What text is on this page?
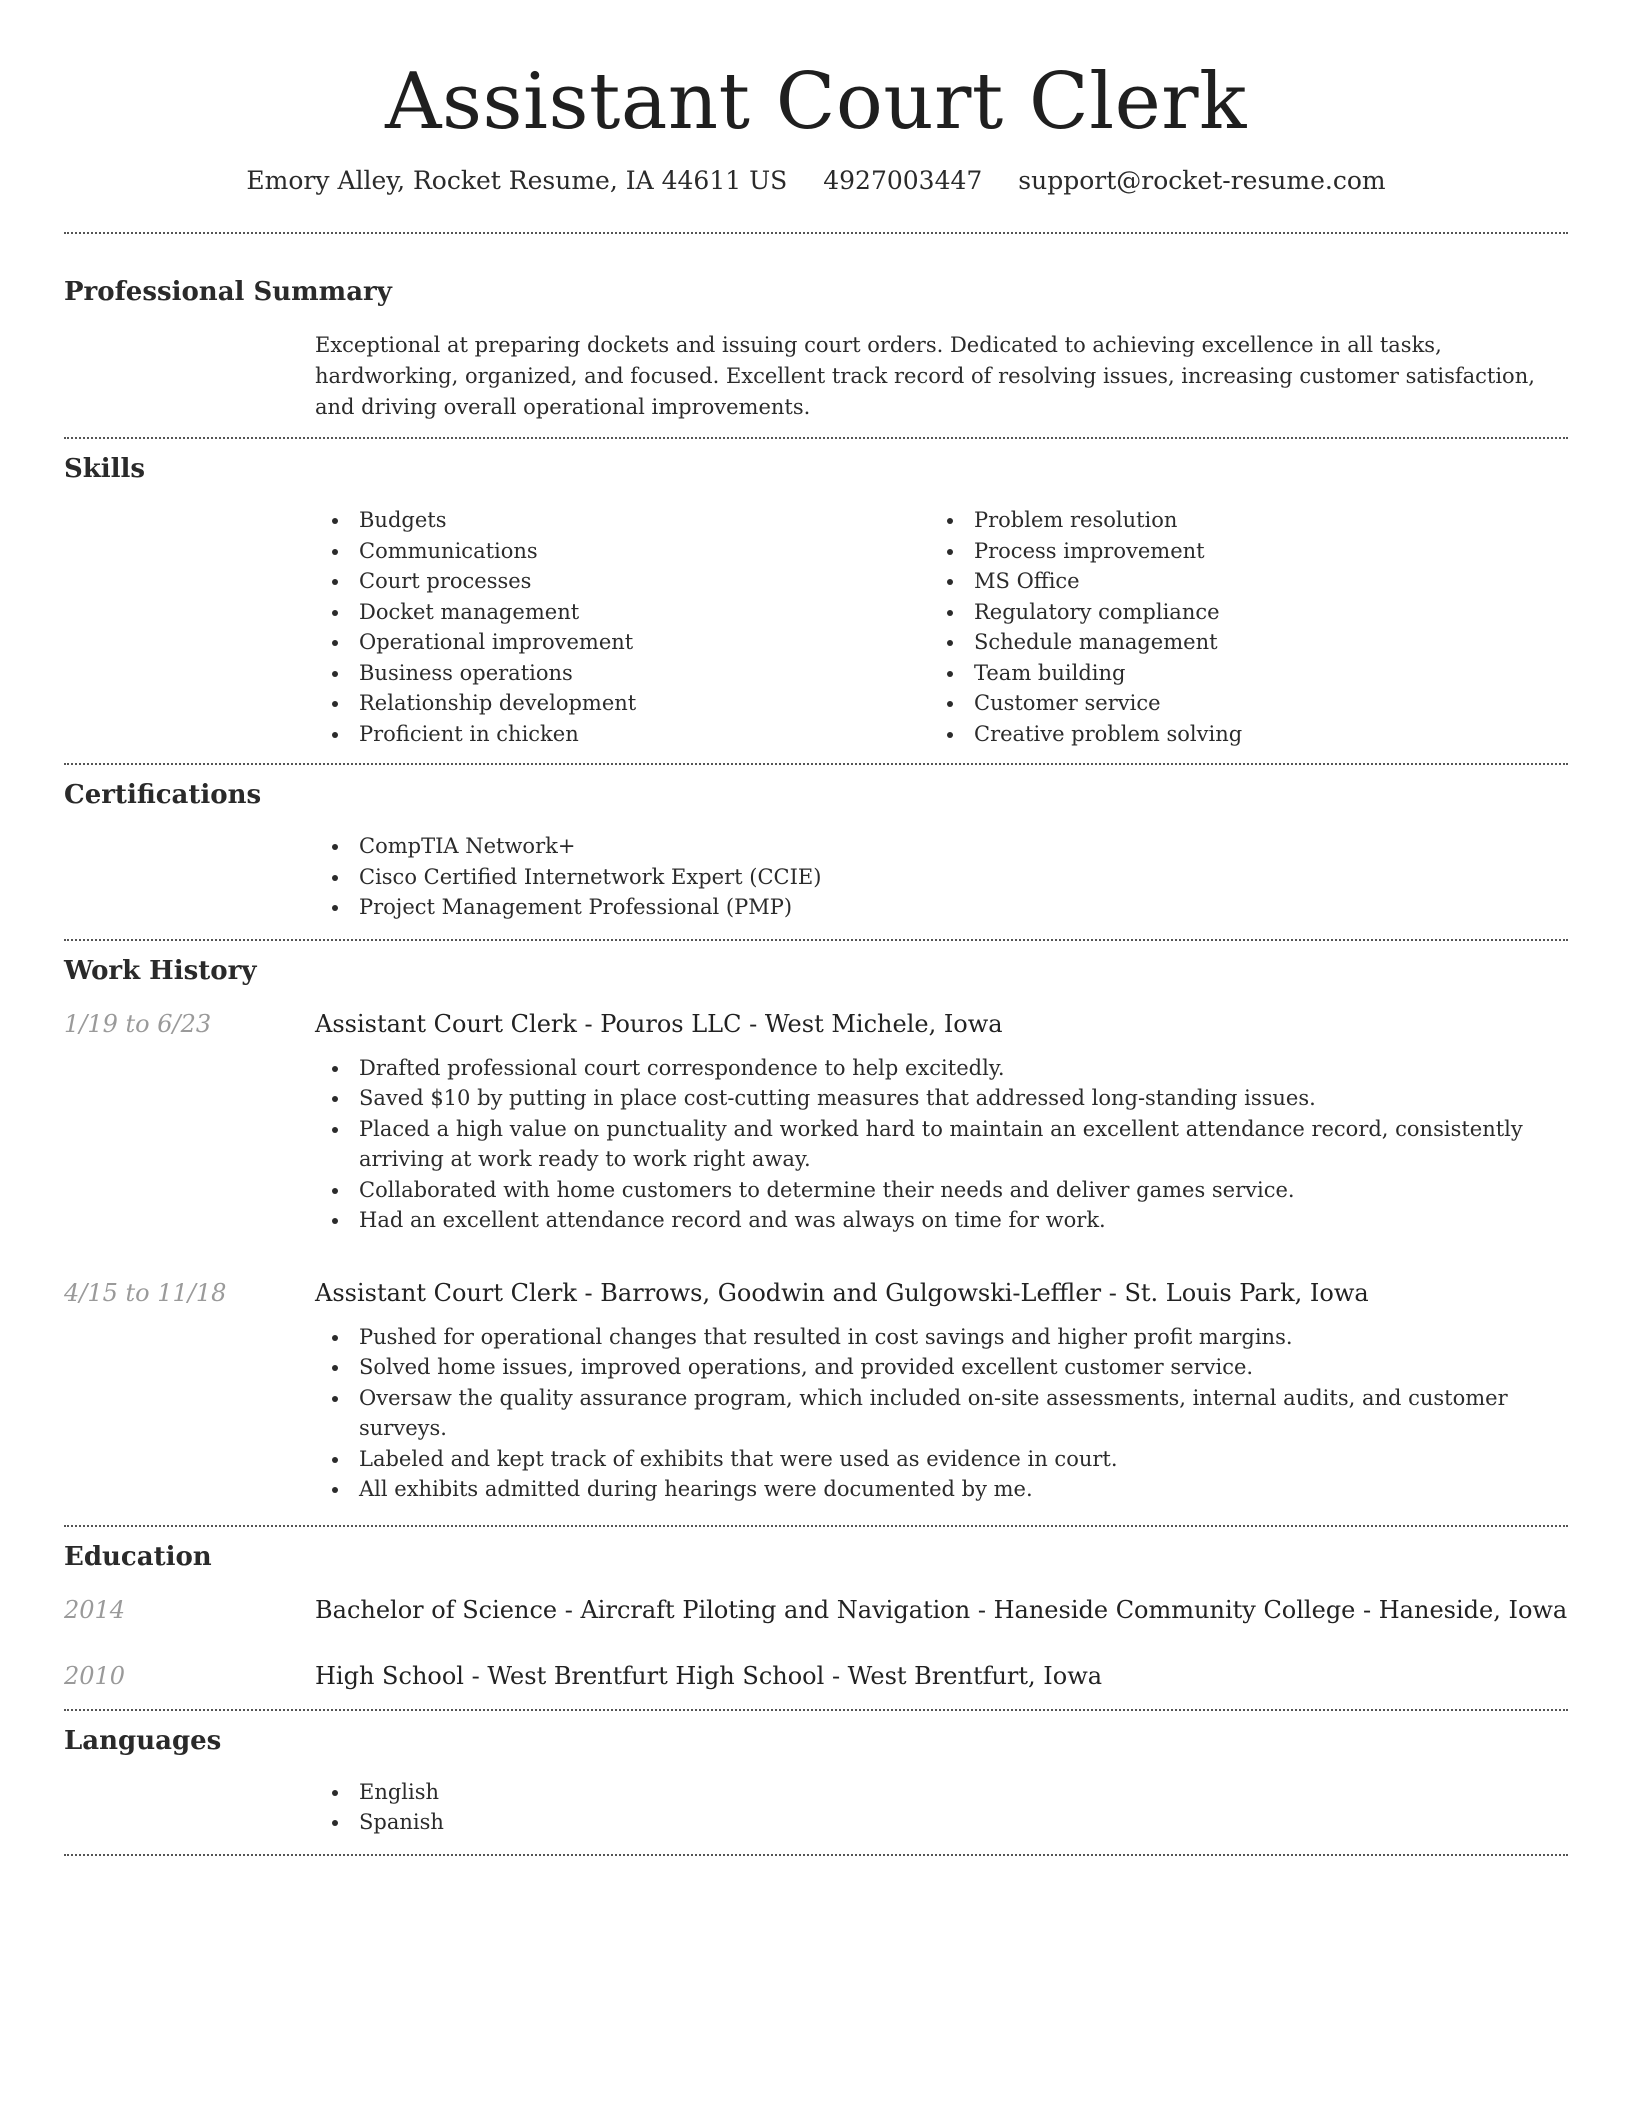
Assistant Court Clerk
Emory Alley, Rocket Resume, IA 44611 US 4927003447 support@rocket-resume.com
Professional Summary

Exceptional at preparing dockets and issuing court orders. Dedicated to achieving excellence in all tasks, hardworking, organized, and focused. Excellent track record of resolving issues, increasing customer satisfaction, and driving overall operational improvements.

Skills
Budgets
Communications
Court processes
Docket management
Operational improvement
Business operations
Relationship development
Proficient in chicken
Problem resolution
Process improvement
MS Office
Regulatory compliance
Schedule management
Team building
Customer service
Creative problem solving
Certifications
CompTIA Network+
Cisco Certified Internetwork Expert (CCIE)
Project Management Professional (PMP)
Work History
1/19 to 6/23	Assistant Court Clerk - Pouros LLC - West Michele, Iowa
Drafted professional court correspondence to help excitedly.
Saved $10 by putting in place cost-cutting measures that addressed long-standing issues.
Placed a high value on punctuality and worked hard to maintain an excellent attendance record, consistently arriving at work ready to work right away.
Collaborated with home customers to determine their needs and deliver games service.
Had an excellent attendance record and was always on time for work.
4/15 to 11/18	Assistant Court Clerk - Barrows, Goodwin and Gulgowski-Leffler - St. Louis Park, Iowa
Pushed for operational changes that resulted in cost savings and higher profit margins.
Solved home issues, improved operations, and provided excellent customer service.
Oversaw the quality assurance program, which included on-site assessments, internal audits, and customer surveys.
Labeled and kept track of exhibits that were used as evidence in court.
All exhibits admitted during hearings were documented by me.
Education
2014	Bachelor of Science - Aircraft Piloting and Navigation - Haneside Community College - Haneside, Iowa
2010	High School - West Brentfurt High School - West Brentfurt, Iowa
Languages
English
Spanish
